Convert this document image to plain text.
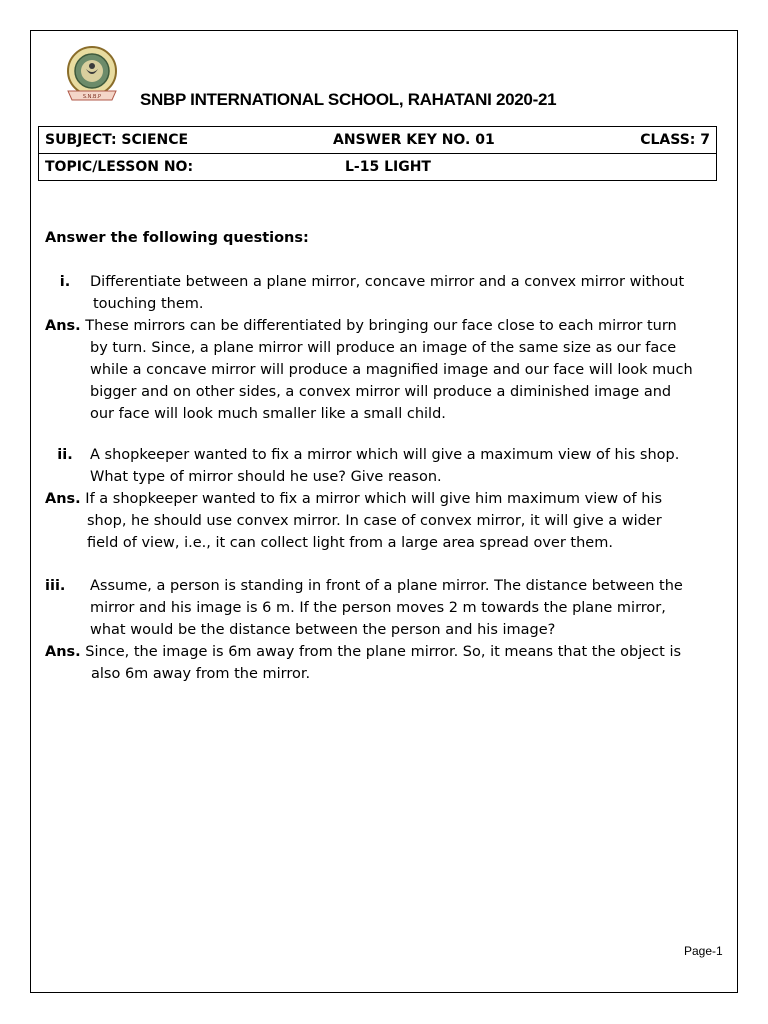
S.N.B.P SNBP INTERNATIONAL SCHOOL, RAHATANI 2020-21
SUBJECT: SCIENCE	ANSWER KEY NO. 01	CLASS: 7

TOPIC/LESSON NO:	L-15 LIGHT
Answer the following questions:
i.	Differentiate between a plane mirror, concave mirror and a convex mirror without
touching them.
Ans. These mirrors can be differentiated by bringing our face close to each mirror turn
by turn. Since, a plane mirror will produce an image of the same size as our face
while a concave mirror will produce a magnified image and our face will look much
bigger and on other sides, a convex mirror will produce a diminished image and
our face will look much smaller like a small child.
ii.	A shopkeeper wanted to fix a mirror which will give a maximum view of his shop.
What type of mirror should he use? Give reason.
Ans. If a shopkeeper wanted to fix a mirror which will give him maximum view of his
shop, he should use convex mirror. In case of convex mirror, it will give a wider
field of view, i.e., it can collect light from a large area spread over them.
iii.	Assume, a person is standing in front of a plane mirror. The distance between the
mirror and his image is 6 m. If the person moves 2 m towards the plane mirror,
what would be the distance between the person and his image?
Ans. Since, the image is 6m away from the plane mirror. So, it means that the object is
also 6m away from the mirror.
Page-1
